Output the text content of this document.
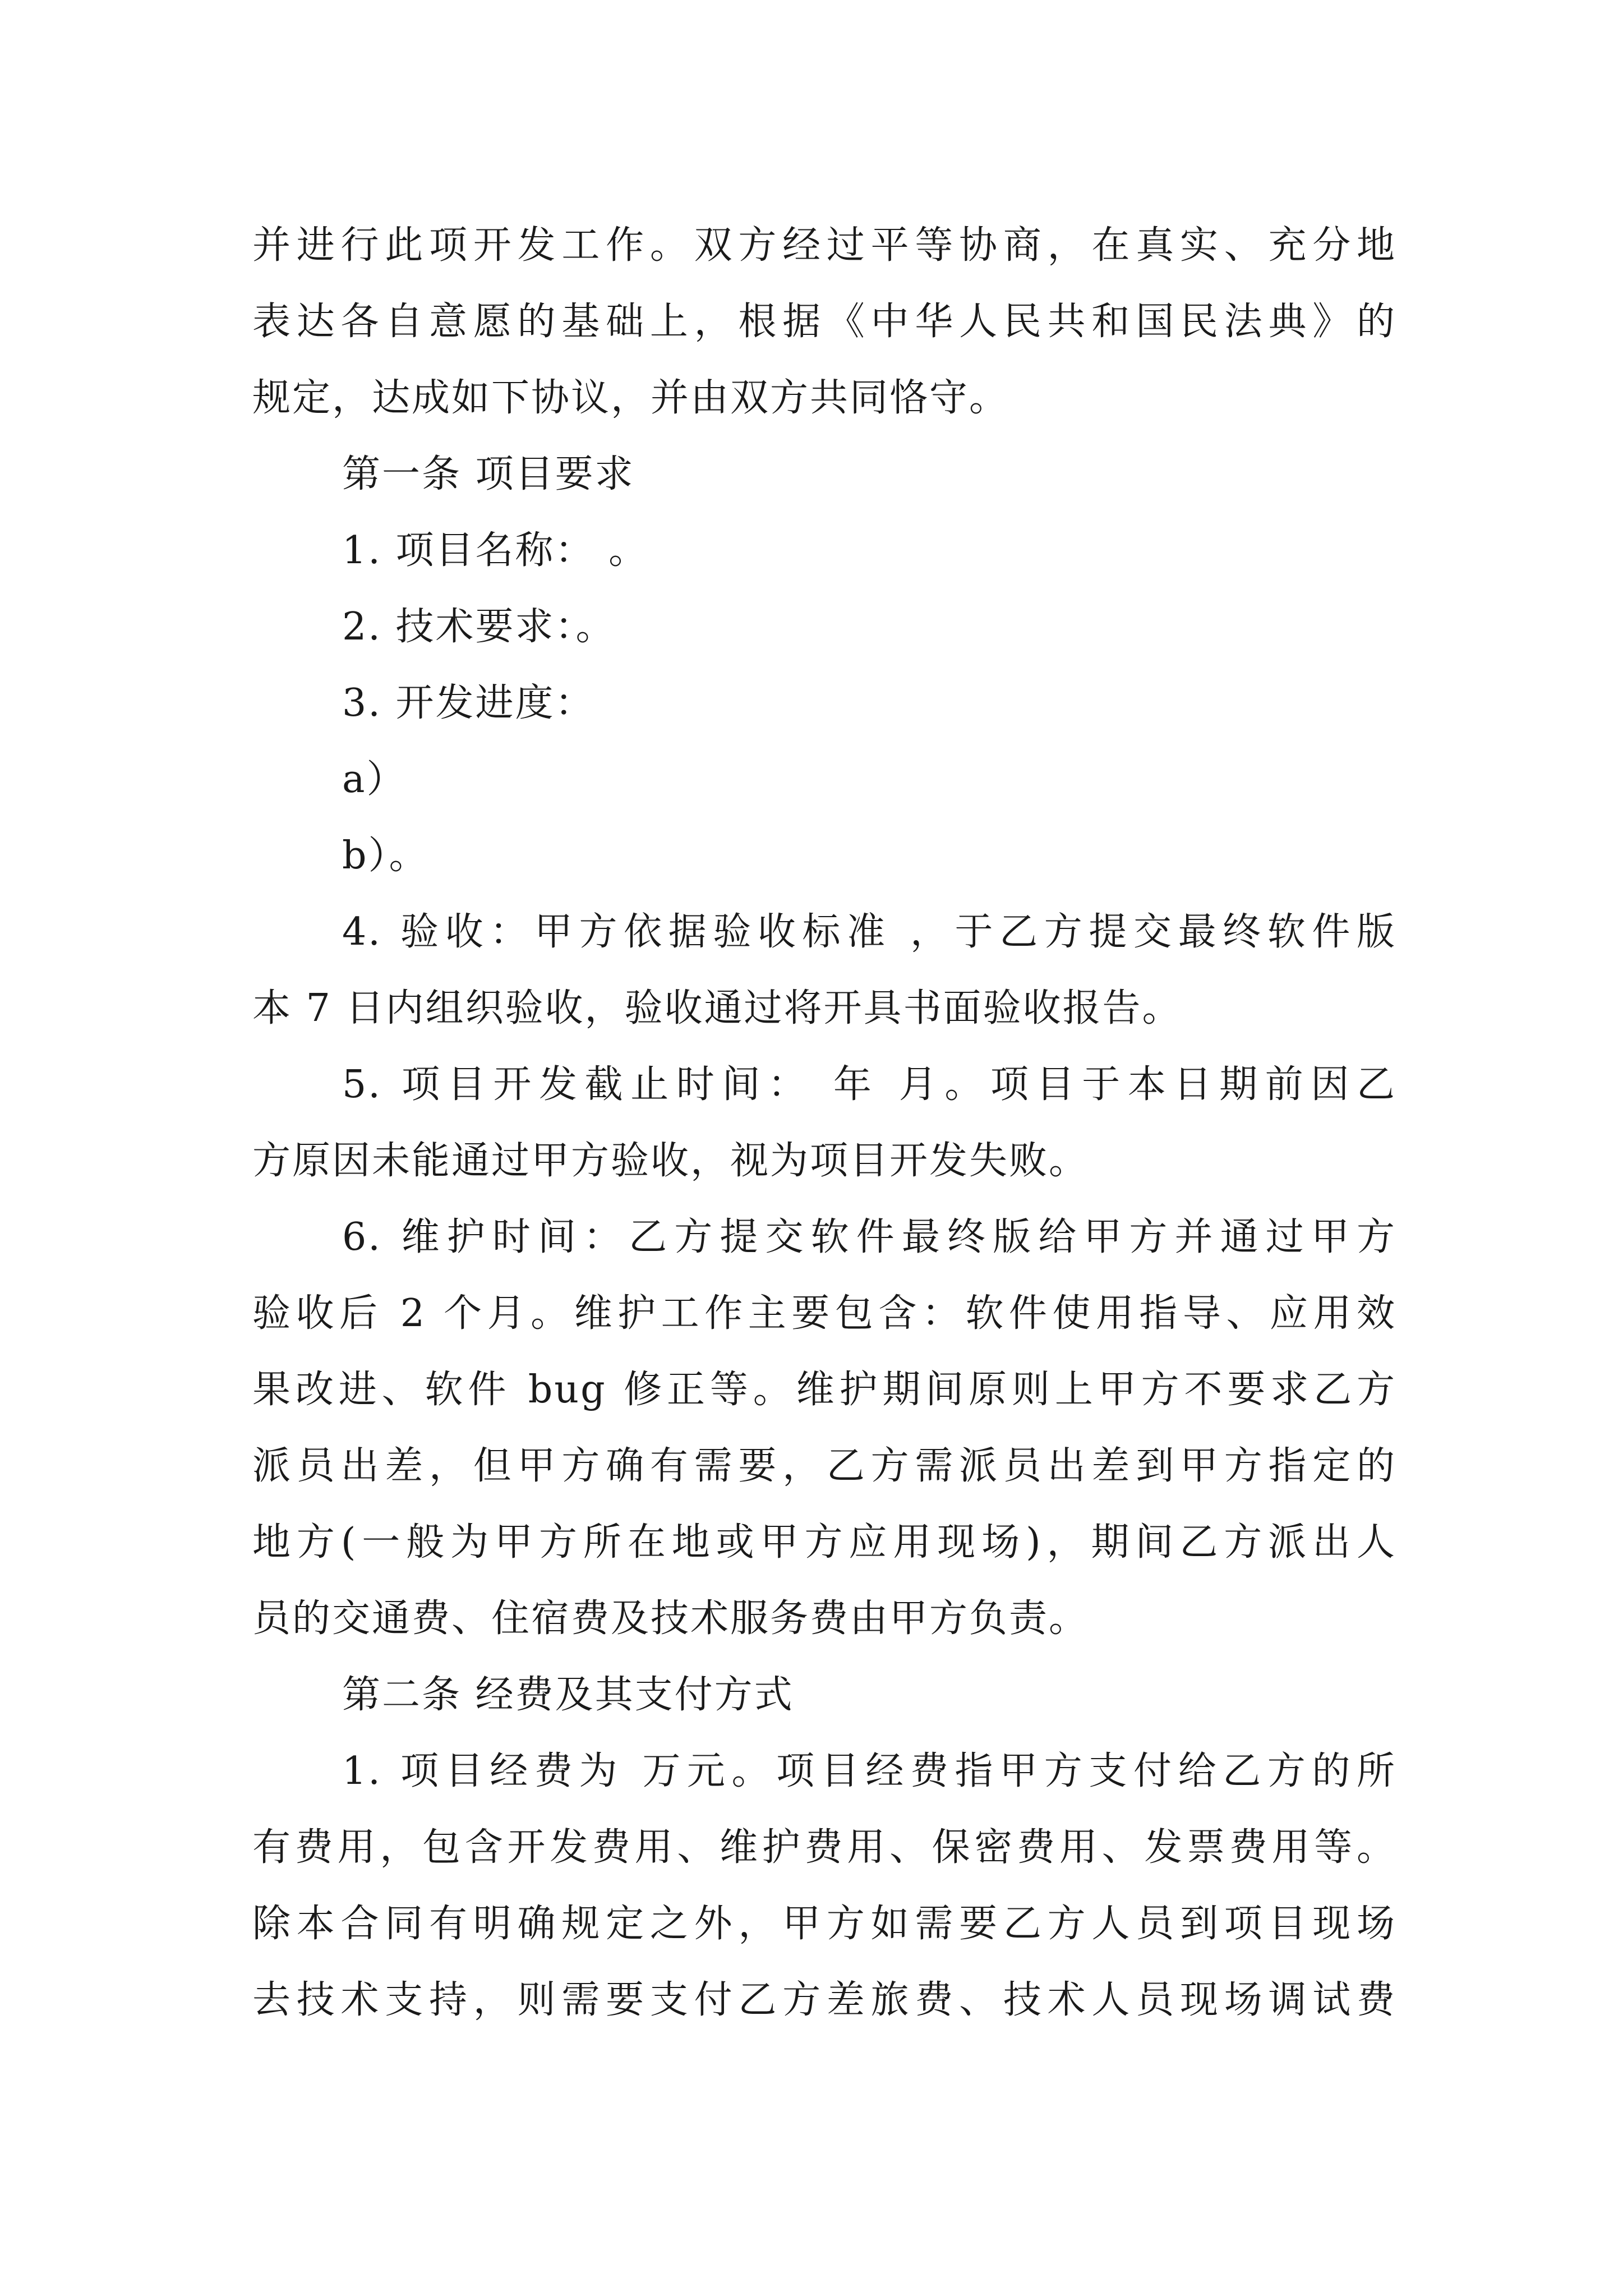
并进行此项开发工作。双方经过平等协商，在真实、充分地
表达各自意愿的基础上，根据《中华人民共和国民法典》的
规定，达成如下协议，并由双方共同恪守。
第一条 项目要求
1. 项目名称： 。
2. 技术要求：。
3. 开发进度：
a）
b）。
4. 验收：甲方依据验收标准 ，于乙方提交最终软件版
本 7 日内组织验收，验收通过将开具书面验收报告。
5. 项目开发截止时间： 年 月。项目于本日期前因乙
方原因未能通过甲方验收，视为项目开发失败。
6. 维护时间：乙方提交软件最终版给甲方并通过甲方
验收后 2 个月。维护工作主要包含：软件使用指导、应用效
果改进、软件 bug 修正等。维护期间原则上甲方不要求乙方
派员出差，但甲方确有需要，乙方需派员出差到甲方指定的
地方(一般为甲方所在地或甲方应用现场)，期间乙方派出人
员的交通费、住宿费及技术服务费由甲方负责。
第二条 经费及其支付方式
1. 项目经费为 万元。项目经费指甲方支付给乙方的所
有费用，包含开发费用、维护费用、保密费用、发票费用等。
除本合同有明确规定之外，甲方如需要乙方人员到项目现场
去技术支持，则需要支付乙方差旅费、技术人员现场调试费
